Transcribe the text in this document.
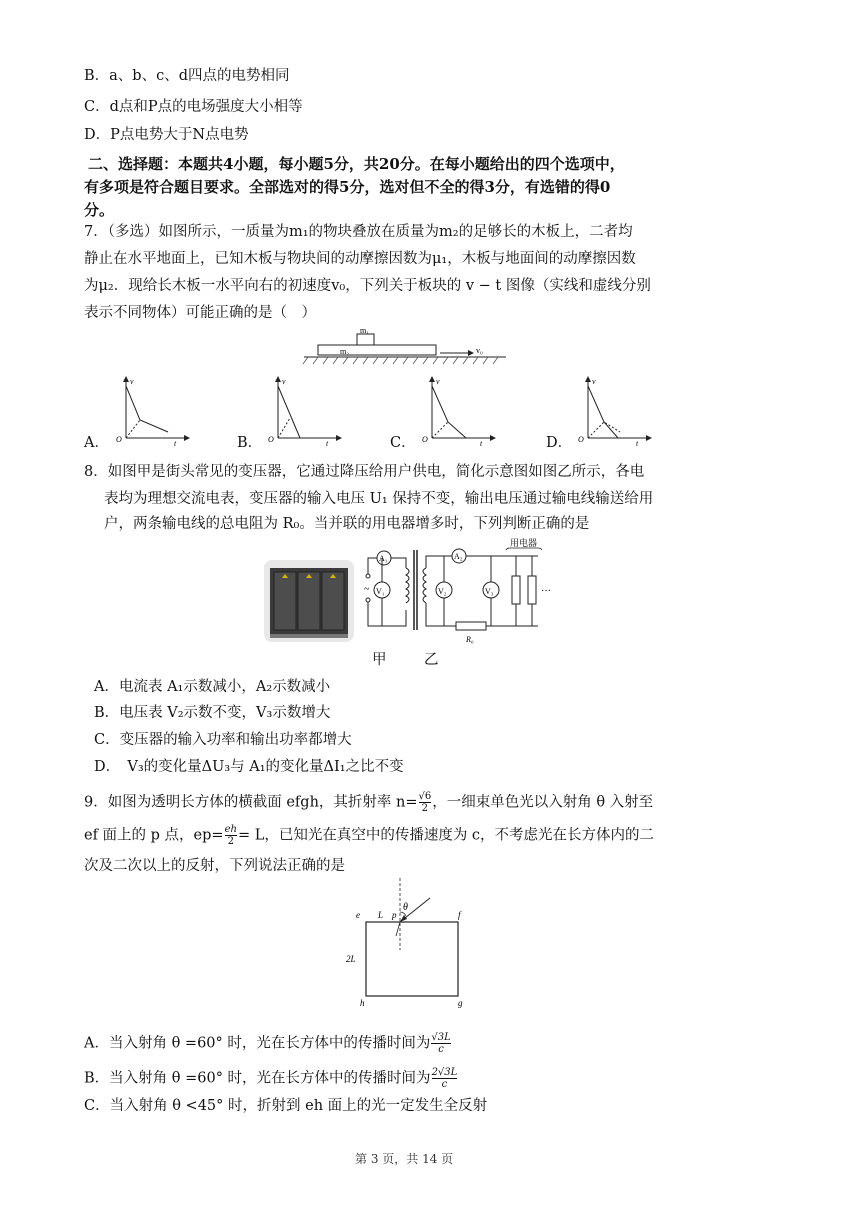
B．a、b、c、d四点的电势相同
C．d点和P点的电场强度大小相等
D．P点电势大于N点电势
二、选择题：本题共4小题，每小题5分，共20分。在每小题给出的四个选项中，
有多项是符合题目要求。全部选对的得5分，选对但不全的得3分，有选错的得0
分。
7．（多选）如图所示，一质量为m₁的物块叠放在质量为m₂的足够长的木板上，二者均
静止在水平地面上，已知木板与物块间的动摩擦因数为μ₁，木板与地面间的动摩擦因数
为μ₂．现给长木板一水平向右的初速度v₀，下列关于板块的 v − t 图像（实线和虚线分别
表示不同物体）可能正确的是（　）
m₁
m₂	v₀
A．
v
t
O	B．
v
t
O	C．
v
t
O	D．
v
t
O
8．如图甲是街头常见的变压器，它通过降压给用户供电，简化示意图如图乙所示，各电
表均为理想交流电表，变压器的输入电压 U₁ 保持不变，输出电压通过输电线输送给用
户，两条输电线的总电阻为 R₀。当并联的用电器增多时，下列判断正确的是
用电器
~
A₁
V₁
A₂
R₀
V₂	V₃	···
甲	乙
A．电流表 A₁示数减小，A₂示数减小
B．电压表 V₂示数不变，V₃示数增大
C．变压器的输入功率和输出功率都增大
D．　V₃的变化量ΔU₃与 A₁的变化量ΔI₁之比不变
9．如图为透明长方体的横截面 efgh，其折射率 $n= \frac{√6}{2}$ ，一细束单色光以入射角 θ 入射至
ef 面上的 p 点，$ep= \frac{eh}{2} = L$，已知光在真空中的传播速度为 c，不考虑光在长方体内的二
次及二次以上的反射，下列说法正确的是
θ
e	f
g
h
L p
2L
A．当入射角 θ =60° 时，光在长方体中的传播时间为 $\frac{√3L}{c}$
B．当入射角 θ =60° 时，光在长方体中的传播时间为 $\frac{2√3L}{c}$
C．当入射角 θ <45° 时，折射到 eh 面上的光一定发生全反射
第 3 页，共 14 页
